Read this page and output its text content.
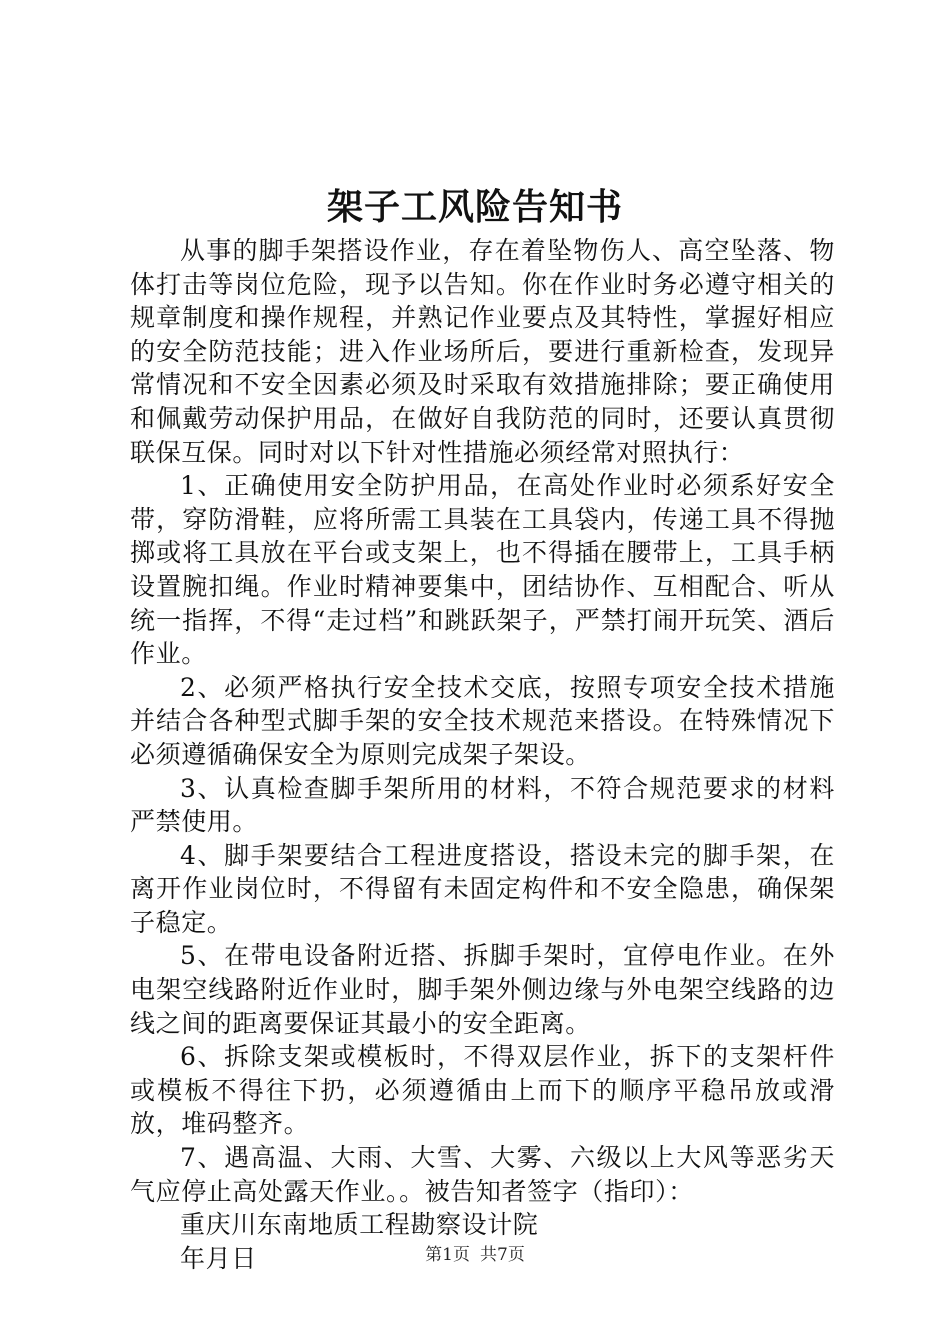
架子工风险告知书

从事的脚手架搭设作业，存在着坠物伤人、高空坠落、物体打击等岗位危险，现予以告知。你在作业时务必遵守相关的规章制度和操作规程，并熟记作业要点及其特性，掌握好相应的安全防范技能；进入作业场所后，要进行重新检查，发现异常情况和不安全因素必须及时采取有效措施排除；要正确使用和佩戴劳动保护用品，在做好自我防范的同时，还要认真贯彻联保互保。同时对以下针对性措施必须经常对照执行：

1、正确使用安全防护用品，在高处作业时必须系好安全带，穿防滑鞋，应将所需工具装在工具袋内，传递工具不得抛掷或将工具放在平台或支架上，也不得插在腰带上，工具手柄设置腕扣绳。作业时精神要集中，团结协作、互相配合、听从统一指挥，不得“走过档”和跳跃架子，严禁打闹开玩笑、酒后作业。

2、必须严格执行安全技术交底，按照专项安全技术措施并结合各种型式脚手架的安全技术规范来搭设。在特殊情况下必须遵循确保安全为原则完成架子架设。

3、认真检查脚手架所用的材料，不符合规范要求的材料严禁使用。

4、脚手架要结合工程进度搭设，搭设未完的脚手架，在离开作业岗位时，不得留有未固定构件和不安全隐患，确保架子稳定。

5、在带电设备附近搭、拆脚手架时，宜停电作业。在外电架空线路附近作业时，脚手架外侧边缘与外电架空线路的边线之间的距离要保证其最小的安全距离。

6、拆除支架或模板时，不得双层作业，拆下的支架杆件或模板不得往下扔，必须遵循由上而下的顺序平稳吊放或滑放，堆码整齐。

7、遇高温、大雨、大雪、大雾、六级以上大风等恶劣天气应停止高处露天作业。。被告知者签字（指印）：

重庆川东南地质工程勘察设计院

年月日	第1页 共7页
